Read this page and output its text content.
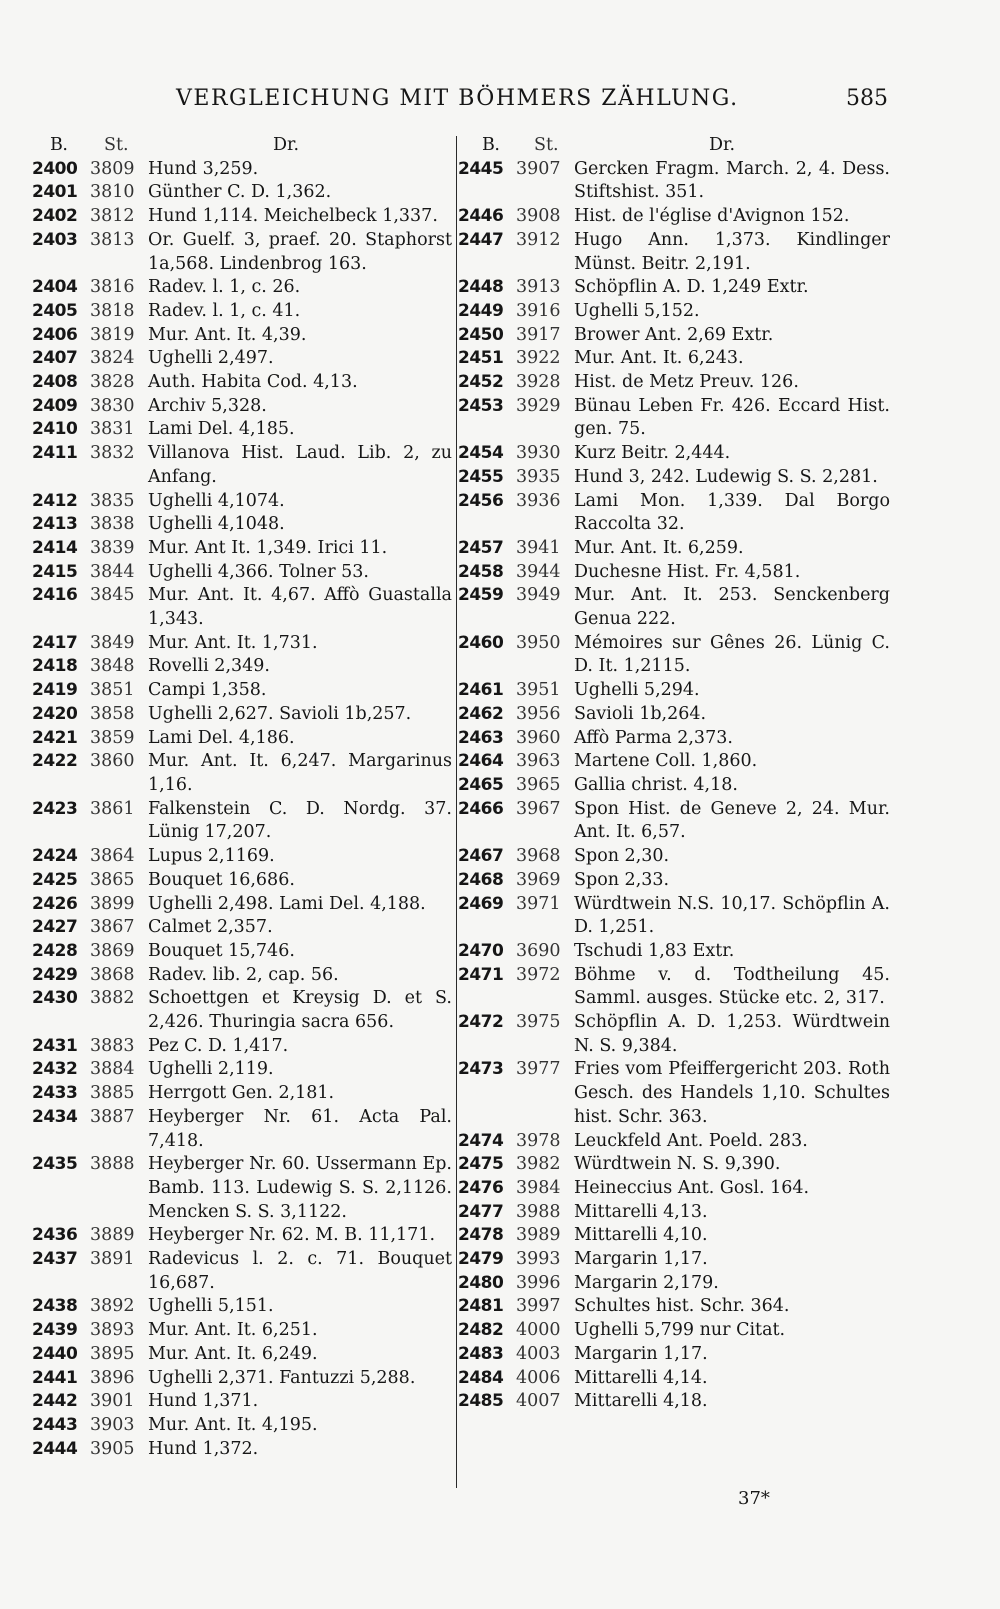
VERGLEICHUNG MIT BÖHMERS ZÄHLUNG.	585
B.	St.	Dr.
2400 3809 Hund 3,259.
2401 3810 Günther C. D. 1,362.
2402 3812 Hund 1,114. Meichelbeck 1,337.
2403 3813 Or. Guelf. 3, praef. 20. Staphorst 1a,568. Lindenbrog 163.
2404 3816 Radev. l. 1, c. 26.
2405 3818 Radev. l. 1, c. 41.
2406 3819 Mur. Ant. It. 4,39.
2407 3824 Ughelli 2,497.
2408 3828 Auth. Habita Cod. 4,13.
2409 3830 Archiv 5,328.
2410 3831 Lami Del. 4,185.
2411 3832 Villanova Hist. Laud. Lib. 2, zu Anfang.
2412 3835 Ughelli 4,1074.
2413 3838 Ughelli 4,1048.
2414 3839 Mur. Ant It. 1,349. Irici 11.
2415 3844 Ughelli 4,366. Tolner 53.
2416 3845 Mur. Ant. It. 4,67. Affò Guastalla 1,343.
2417 3849 Mur. Ant. It. 1,731.
2418 3848 Rovelli 2,349.
2419 3851 Campi 1,358.
2420 3858 Ughelli 2,627. Savioli 1b,257.
2421 3859 Lami Del. 4,186.
2422 3860 Mur. Ant. It. 6,247. Margarinus 1,16.
2423 3861 Falkenstein C. D. Nordg. 37. Lünig 17,207.
2424 3864 Lupus 2,1169.
2425 3865 Bouquet 16,686.
2426 3899 Ughelli 2,498. Lami Del. 4,188.
2427 3867 Calmet 2,357.
2428 3869 Bouquet 15,746.
2429 3868 Radev. lib. 2, cap. 56.
2430 3882 Schoettgen et Kreysig D. et S. 2,426. Thuringia sacra 656.
2431 3883 Pez C. D. 1,417.
2432 3884 Ughelli 2,119.
2433 3885 Herrgott Gen. 2,181.
2434 3887 Heyberger Nr. 61. Acta Pal. 7,418.
2435 3888 Heyberger Nr. 60. Ussermann Ep. Bamb. 113. Ludewig S. S. 2,1126. Mencken S. S. 3,1122.
2436 3889 Heyberger Nr. 62. M. B. 11,171.
2437 3891 Radevicus l. 2. c. 71. Bouquet 16,687.
2438 3892 Ughelli 5,151.
2439 3893 Mur. Ant. It. 6,251.
2440 3895 Mur. Ant. It. 6,249.
2441 3896 Ughelli 2,371. Fantuzzi 5,288.
2442 3901 Hund 1,371.
2443 3903 Mur. Ant. It. 4,195.
2444 3905 Hund 1,372.
B.	St.	Dr.
2445 3907 Gercken Fragm. March. 2, 4. Dess. Stiftshist. 351.
2446 3908 Hist. de l'église d'Avignon 152.
2447 3912 Hugo Ann. 1,373. Kindlinger Münst. Beitr. 2,191.
2448 3913 Schöpflin A. D. 1,249 Extr.
2449 3916 Ughelli 5,152.
2450 3917 Brower Ant. 2,69 Extr.
2451 3922 Mur. Ant. It. 6,243.
2452 3928 Hist. de Metz Preuv. 126.
2453 3929 Bünau Leben Fr. 426. Eccard Hist. gen. 75.
2454 3930 Kurz Beitr. 2,444.
2455 3935 Hund 3, 242. Ludewig S. S. 2,281.
2456 3936 Lami Mon. 1,339. Dal Borgo Raccolta 32.
2457 3941 Mur. Ant. It. 6,259.
2458 3944 Duchesne Hist. Fr. 4,581.
2459 3949 Mur. Ant. It. 253. Senckenberg Genua 222.
2460 3950 Mémoires sur Gênes 26. Lünig C. D. It. 1,2115.
2461 3951 Ughelli 5,294.
2462 3956 Savioli 1b,264.
2463 3960 Affò Parma 2,373.
2464 3963 Martene Coll. 1,860.
2465 3965 Gallia christ. 4,18.
2466 3967 Spon Hist. de Geneve 2, 24. Mur. Ant. It. 6,57.
2467 3968 Spon 2,30.
2468 3969 Spon 2,33.
2469 3971 Würdtwein N.S. 10,17. Schöpflin A. D. 1,251.
2470 3690 Tschudi 1,83 Extr.
2471 3972 Böhme v. d. Todtheilung 45. Samml. ausges. Stücke etc. 2, 317.
2472 3975 Schöpflin A. D. 1,253. Würdtwein N. S. 9,384.
2473 3977 Fries vom Pfeiffergericht 203. Roth Gesch. des Handels 1,10. Schultes hist. Schr. 363.
2474 3978 Leuckfeld Ant. Poeld. 283.
2475 3982 Würdtwein N. S. 9,390.
2476 3984 Heineccius Ant. Gosl. 164.
2477 3988 Mittarelli 4,13.
2478 3989 Mittarelli 4,10.
2479 3993 Margarin 1,17.
2480 3996 Margarin 2,179.
2481 3997 Schultes hist. Schr. 364.
2482 4000 Ughelli 5,799 nur Citat.
2483 4003 Margarin 1,17.
2484 4006 Mittarelli 4,14.
2485 4007 Mittarelli 4,18.
37*
